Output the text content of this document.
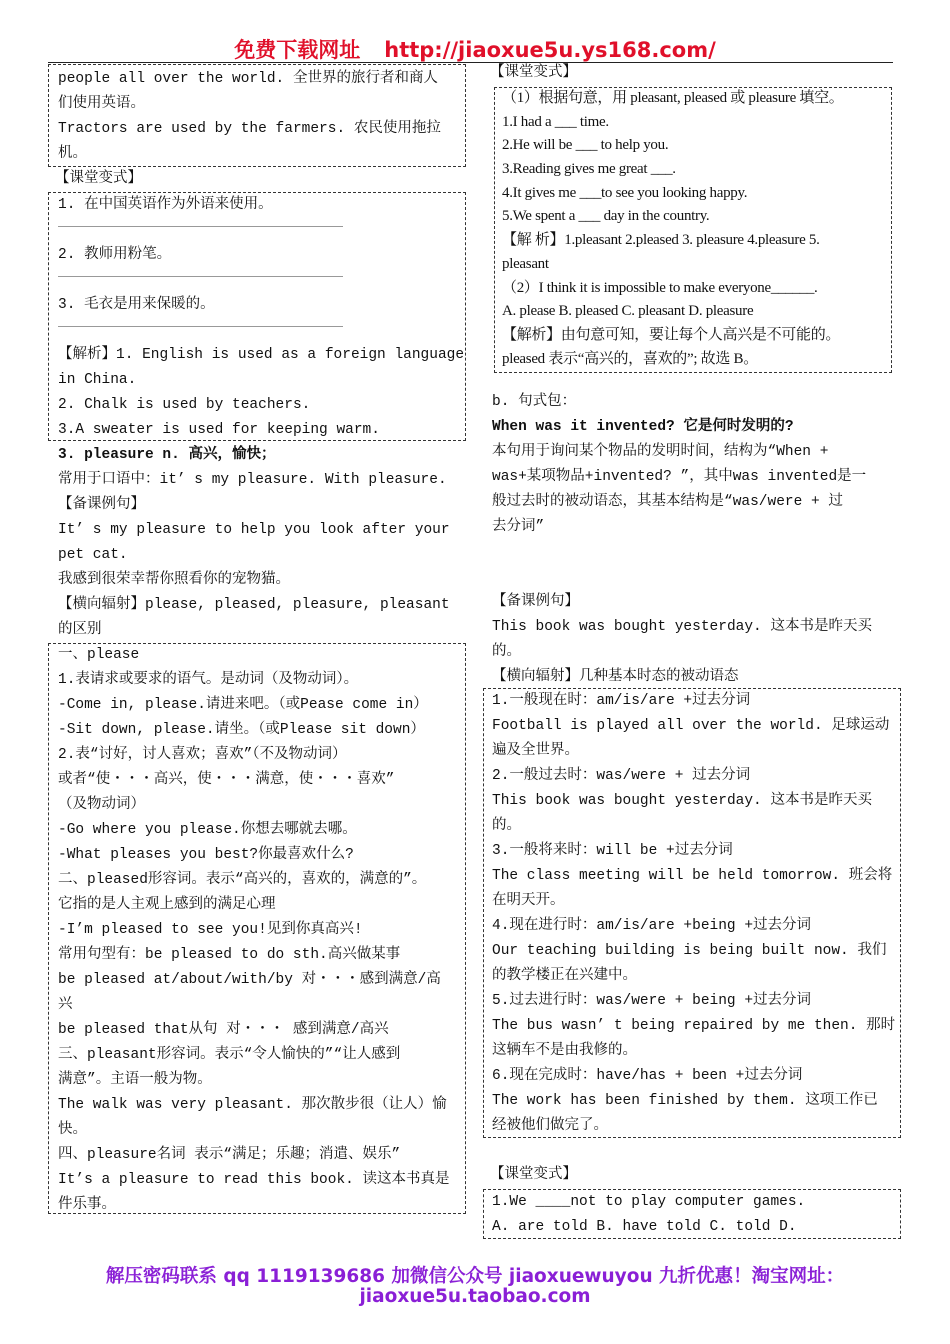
免费下载网址 http://jiaoxue5u.ys168.com/
people all over the world. 全世界的旅行者和商人
们使用英语。
Tractors are used by the farmers. 农民使用拖拉
机。
【课堂变式】
1. 在中国英语作为外语来使用。
2. 教师用粉笔。
3. 毛衣是用来保暖的。
【解析】1. English is used as a foreign language
in China.
2. Chalk is used by teachers.
3.A sweater is used for keeping warm.
3. pleasure n. 高兴，愉快；
常用于口语中：it’ s my pleasure. With pleasure.
【备课例句】
It’ s my pleasure to help you look after your
pet cat.
我感到很荣幸帮你照看你的宠物猫。
【横向辐射】please, pleased, pleasure, pleasant
的区别
一、please
1.表请求或要求的语气。是动词（及物动词）。
-Come in, please.请进来吧。（或Pease come in）
-Sit down, please.请坐。（或Please sit down）
2.表“讨好，讨人喜欢；喜欢”（不及物动词）
或者“使・・・高兴，使・・・满意，使・・・喜欢”
（及物动词）
-Go where you please.你想去哪就去哪。
-What pleases you best?你最喜欢什么?
二、pleased形容词。表示“高兴的，喜欢的，满意的”。
它指的是人主观上感到的满足心理
-I’m pleased to see you!见到你真高兴!
常用句型有：be pleased to do sth.高兴做某事
be pleased at/about/with/by 对・・・感到满意/高
兴
be pleased that从句 对・・・ 感到满意/高兴
三、pleasant形容词。表示“令人愉快的”“让人感到
满意”。主语一般为物。
The walk was very pleasant. 那次散步很（让人）愉
快。
四、pleasure名词 表示“满足；乐趣；消遣、娱乐”
It’s a pleasure to read this book. 读这本书真是
件乐事。
【课堂变式】
（1）根据句意，用 pleasant, pleased 或 pleasure 填空。
1.I had a ___ time.
2.He will be ___ to help you.
3.Reading gives me great ___.
4.It gives me ___to see you looking happy.
5.We spent a ___ day in the country.
【解 析】1.pleasant 2.pleased 3. pleasure 4.pleasure 5.
pleasant
（2）I think it is impossible to make everyone______.
A. please B. pleased C. pleasant D. pleasure
【解析】由句意可知，要让每个人高兴是不可能的。
pleased 表示“高兴的，喜欢的”; 故选 B。
b. 句式包：
When was it invented? 它是何时发明的?
本句用于询问某个物品的发明时间，结构为“When +
was+某项物品+invented? ”，其中was invented是一
般过去时的被动语态，其基本结构是“was/were + 过
去分词”
【备课例句】
This book was bought yesterday. 这本书是昨天买
的。
【横向辐射】几种基本时态的被动语态
1.一般现在时：am/is/are +过去分词
Football is played all over the world. 足球运动
遍及全世界。
2.一般过去时：was/were + 过去分词
This book was bought yesterday. 这本书是昨天买
的。
3.一般将来时：will be +过去分词
The class meeting will be held tomorrow. 班会将
在明天开。
4.现在进行时：am/is/are +being +过去分词
Our teaching building is being built now. 我们
的教学楼正在兴建中。
5.过去进行时：was/were + being +过去分词
The bus wasn’ t being repaired by me then. 那时
这辆车不是由我修的。
6.现在完成时：have/has + been +过去分词
The work has been finished by them. 这项工作已
经被他们做完了。
【课堂变式】
1.We ____not to play computer games.
A. are told B. have told C. told D.
解压密码联系 qq 1119139686 加微信公众号 jiaoxuewuyou 九折优惠！淘宝网址：
jiaoxue5u.taobao.com
